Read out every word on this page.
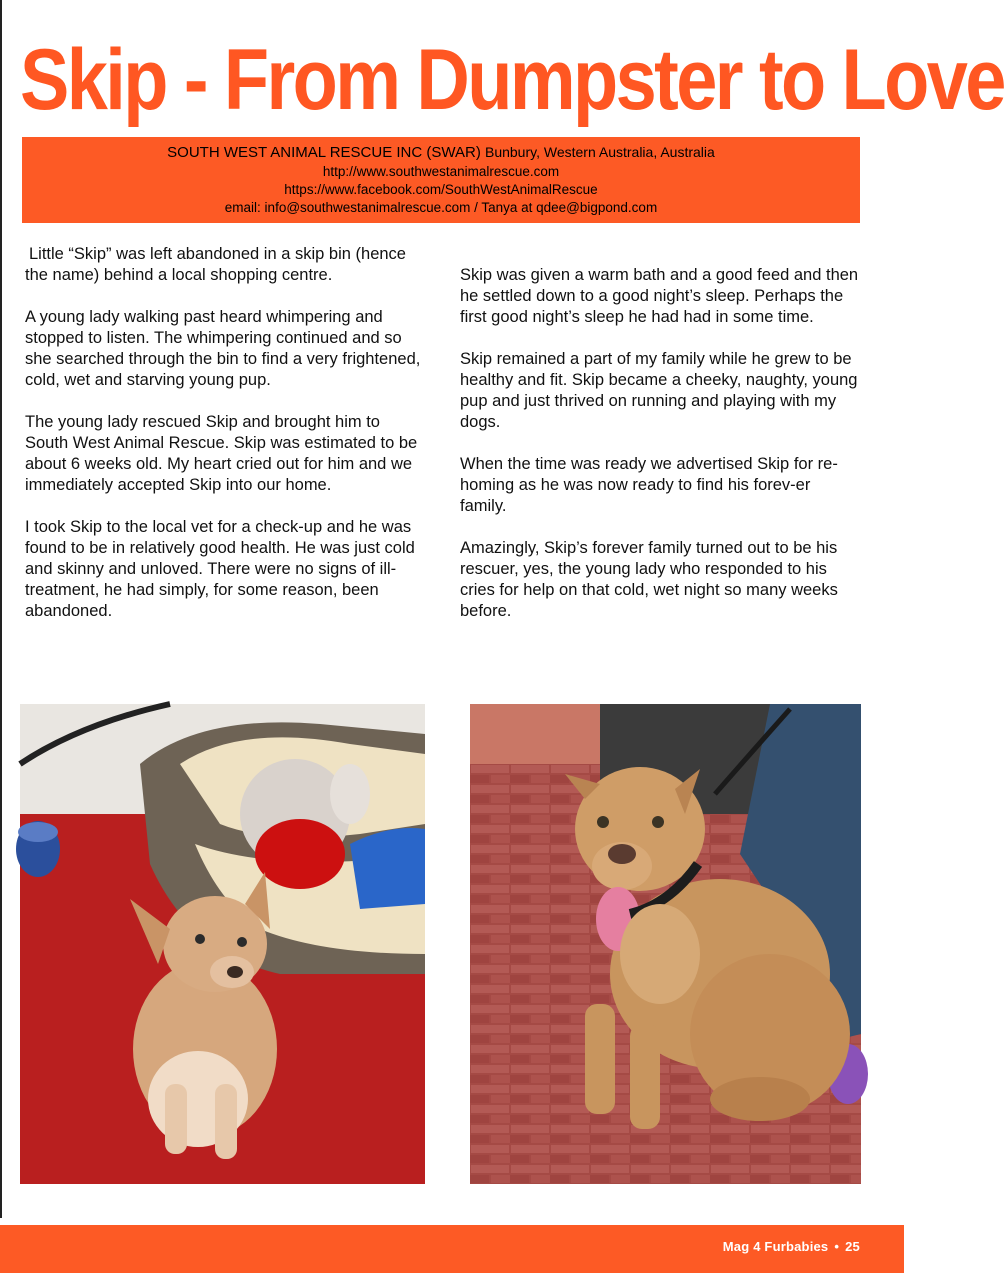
Skip - From Dumpster to Love
SOUTH WEST ANIMAL RESCUE INC (SWAR) Bunbury, Western Australia, Australia
http://www.southwestanimalrescue.com
https://www.facebook.com/SouthWestAnimalRescue
email: info@southwestanimalrescue.com / Tanya at qdee@bigpond.com

Little “Skip” was left abandoned in a skip bin (hence the name) behind a local shopping centre.

A young lady walking past heard whimpering and stopped to listen. The whimpering continued and so she searched through the bin to find a very frightened, cold, wet and starving young pup.

The young lady rescued Skip and brought him to South West Animal Rescue. Skip was estimated to be about 6 weeks old. My heart cried out for him and we immediately accepted Skip into our home.

I took Skip to the local vet for a check-up and he was found to be in relatively good health. He was just cold and skinny and unloved. There were no signs of ill-treatment, he had simply, for some reason, been abandoned.

Skip was given a warm bath and a good feed and then he settled down to a good night’s sleep. Perhaps the first good night’s sleep he had had in some time.

Skip remained a part of my family while he grew to be healthy and fit. Skip became a cheeky, naughty, young pup and just thrived on running and playing with my dogs.

When the time was ready we advertised Skip for re-homing as he was now ready to find his forev-er family.

Amazingly, Skip’s forever family turned out to be his rescuer, yes, the young lady who responded to his cries for help on that cold, wet night so many weeks before.

Mag 4 Furbabies • 25
